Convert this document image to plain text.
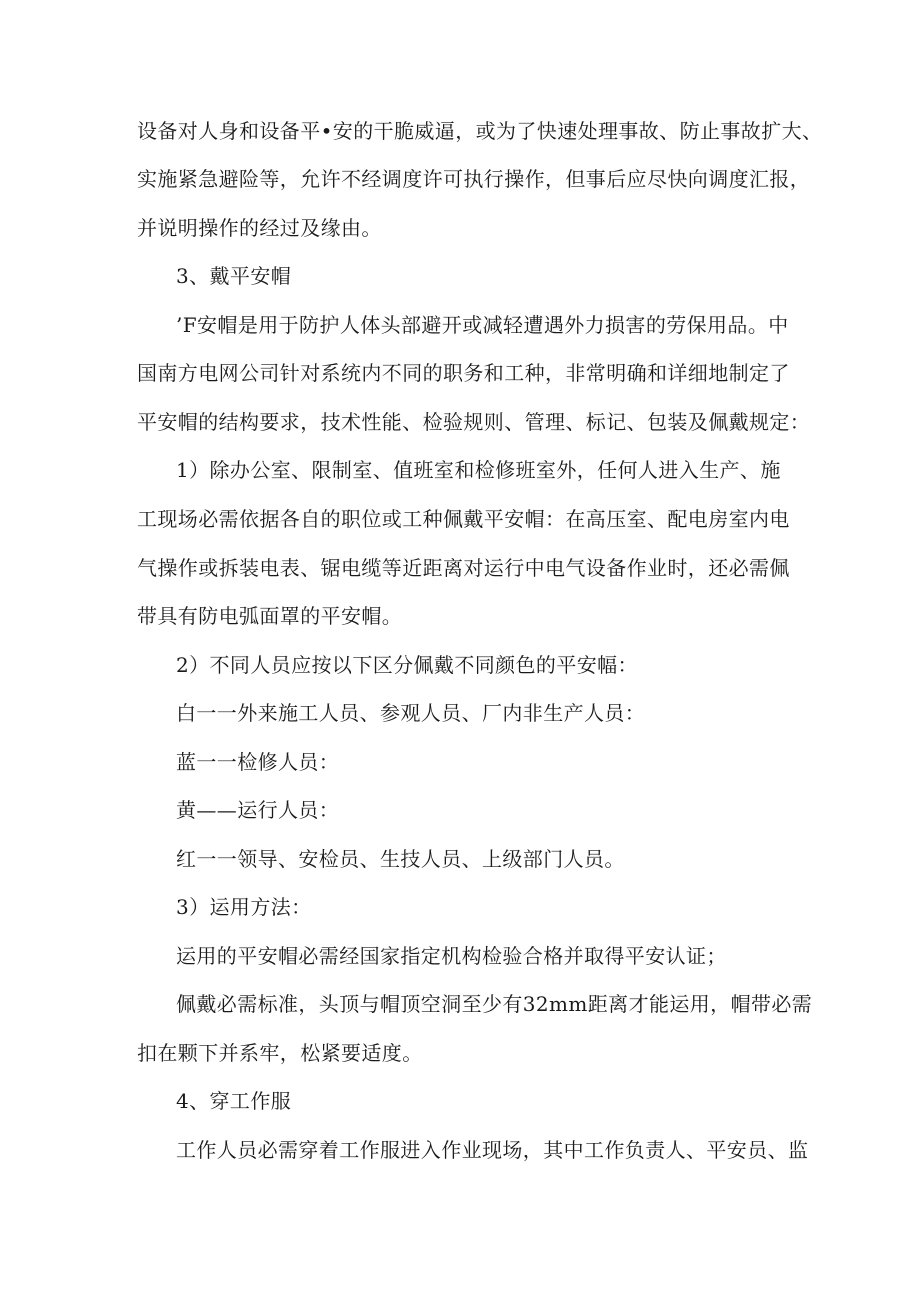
设备对人身和设备平•安的干脆威逼，或为了快速处理事故、防止事故扩大、
实施紧急避险等，允许不经调度许可执行操作，但事后应尽快向调度汇报，
并说明操作的经过及缘由。
3、戴平安帽
’F安帽是用于防护人体头部避开或减轻遭遇外力损害的劳保用品。中
国南方电网公司针对系统内不同的职务和工种，非常明确和详细地制定了
平安帽的结构要求，技术性能、检验规则、管理、标记、包装及佩戴规定：
1）除办公室、限制室、值班室和检修班室外，任何人进入生产、施
工现场必需依据各自的职位或工种佩戴平安帽：在高压室、配电房室内电
气操作或拆装电表、锯电缆等近距离对运行中电气设备作业时，还必需佩
带具有防电弧面罩的平安帽。
2）不同人员应按以下区分佩戴不同颜色的平安幅：
白一一外来施工人员、参观人员、厂内非生产人员：
蓝一一检修人员：
黄——运行人员：
红一一领导、安检员、生技人员、上级部门人员。
3）运用方法：
运用的平安帽必需经国家指定机构检验合格并取得平安认证；
佩戴必需标准，头顶与帽顶空洞至少有32mm距离才能运用，帽带必需
扣在颗下并系牢，松紧要适度。
4、穿工作服
工作人员必需穿着工作服进入作业现场，其中工作负责人、平安员、监
